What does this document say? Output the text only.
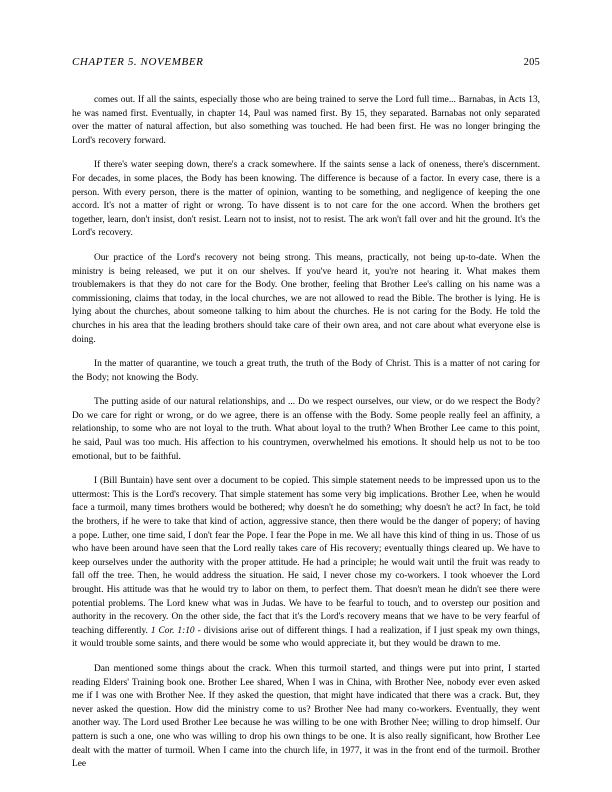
CHAPTER 5. NOVEMBER	205

comes out. If all the saints, especially those who are being trained to serve the Lord full time... Barnabas, in Acts 13, he was named first. Eventually, in chapter 14, Paul was named first. By 15, they separated. Barnabas not only separated over the matter of natural affection, but also something was touched. He had been first. He was no longer bringing the Lord's recovery forward.

If there's water seeping down, there's a crack somewhere. If the saints sense a lack of oneness, there's discernment. For decades, in some places, the Body has been knowing. The difference is because of a factor. In every case, there is a person. With every person, there is the matter of opinion, wanting to be something, and negligence of keeping the one accord. It's not a matter of right or wrong. To have dissent is to not care for the one accord. When the brothers get together, learn, don't insist, don't resist. Learn not to insist, not to resist. The ark won't fall over and hit the ground. It's the Lord's recovery.

Our practice of the Lord's recovery not being strong. This means, practically, not being up-to-date. When the ministry is being released, we put it on our shelves. If you've heard it, you're not hearing it. What makes them troublemakers is that they do not care for the Body. One brother, feeling that Brother Lee's calling on his name was a commissioning, claims that today, in the local churches, we are not allowed to read the Bible. The brother is lying. He is lying about the churches, about someone talking to him about the churches. He is not caring for the Body. He told the churches in his area that the leading brothers should take care of their own area, and not care about what everyone else is doing.

In the matter of quarantine, we touch a great truth, the truth of the Body of Christ. This is a matter of not caring for the Body; not knowing the Body.

The putting aside of our natural relationships, and ... Do we respect ourselves, our view, or do we respect the Body? Do we care for right or wrong, or do we agree, there is an offense with the Body. Some people really feel an affinity, a relationship, to some who are not loyal to the truth. What about loyal to the truth? When Brother Lee came to this point, he said, Paul was too much. His affection to his countrymen, overwhelmed his emotions. It should help us not to be too emotional, but to be faithful.

I (Bill Buntain) have sent over a document to be copied. This simple statement needs to be impressed upon us to the uttermost: This is the Lord's recovery. That simple statement has some very big implications. Brother Lee, when he would face a turmoil, many times brothers would be bothered; why doesn't he do something; why doesn't he act? In fact, he told the brothers, if he were to take that kind of action, aggressive stance, then there would be the danger of popery; of having a pope. Luther, one time said, I don't fear the Pope. I fear the Pope in me. We all have this kind of thing in us. Those of us who have been around have seen that the Lord really takes care of His recovery; eventually things cleared up. We have to keep ourselves under the authority with the proper attitude. He had a principle; he would wait until the fruit was ready to fall off the tree. Then, he would address the situation. He said, I never chose my co-workers. I took whoever the Lord brought. His attitude was that he would try to labor on them, to perfect them. That doesn't mean he didn't see there were potential problems. The Lord knew what was in Judas. We have to be fearful to touch, and to overstep our position and authority in the recovery. On the other side, the fact that it's the Lord's recovery means that we have to be very fearful of teaching differently. 1 Cor. 1:10 - divisions arise out of different things. I had a realization, if I just speak my own things, it would trouble some saints, and there would be some who would appreciate it, but they would be drawn to me.

Dan mentioned some things about the crack. When this turmoil started, and things were put into print, I started reading Elders' Training book one. Brother Lee shared, When I was in China, with Brother Nee, nobody ever even asked me if I was one with Brother Nee. If they asked the question, that might have indicated that there was a crack. But, they never asked the question. How did the ministry come to us? Brother Nee had many co-workers. Eventually, they went another way. The Lord used Brother Lee because he was willing to be one with Brother Nee; willing to drop himself. Our pattern is such a one, one who was willing to drop his own things to be one. It is also really significant, how Brother Lee dealt with the matter of turmoil. When I came into the church life, in 1977, it was in the front end of the turmoil. Brother Lee
